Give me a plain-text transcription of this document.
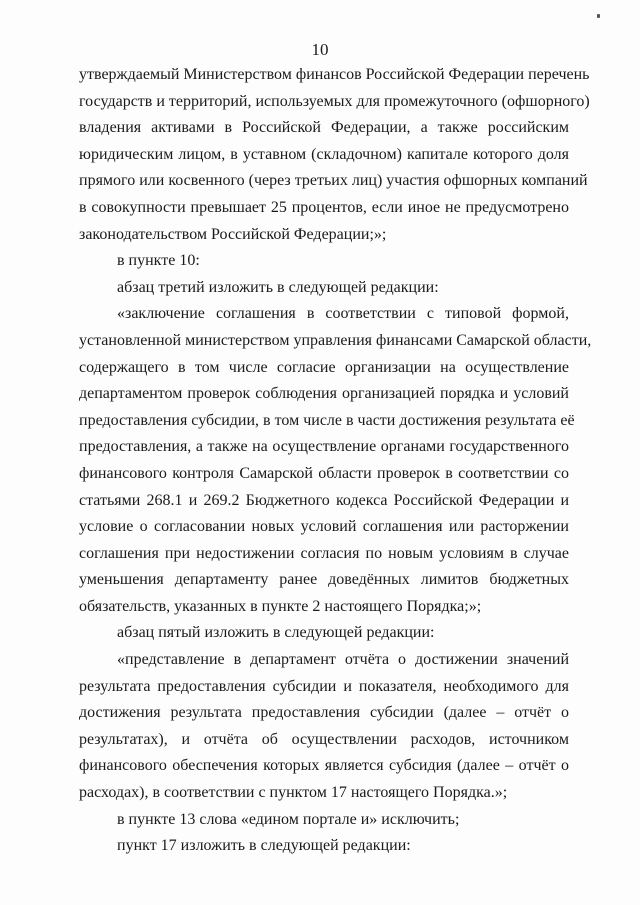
10
утверждаемый Министерством финансов Российской Федерации перечень
государств и территорий, используемых для промежуточного (офшорного)
владения активами в Российской Федерации, а также российским
юридическим лицом, в уставном (складочном) капитале которого доля
прямого или косвенного (через третьих лиц) участия офшорных компаний
в совокупности превышает 25 процентов, если иное не предусмотрено
законодательством Российской Федерации;»;
в пункте 10:
абзац третий изложить в следующей редакции:
«заключение соглашения в соответствии с типовой формой,
установленной министерством управления финансами Самарской области,
содержащего в том числе согласие организации на осуществление
департаментом проверок соблюдения организацией порядка и условий
предоставления субсидии, в том числе в части достижения результата её
предоставления, а также на осуществление органами государственного
финансового контроля Самарской области проверок в соответствии со
статьями 268.1 и 269.2 Бюджетного кодекса Российской Федерации и
условие о согласовании новых условий соглашения или расторжении
соглашения при недостижении согласия по новым условиям в случае
уменьшения департаменту ранее доведённых лимитов бюджетных
обязательств, указанных в пункте 2 настоящего Порядка;»;
абзац пятый изложить в следующей редакции:
«представление в департамент отчёта о достижении значений
результата предоставления субсидии и показателя, необходимого для
достижения результата предоставления субсидии (далее – отчёт о
результатах), и отчёта об осуществлении расходов, источником
финансового обеспечения которых является субсидия (далее – отчёт о
расходах), в соответствии с пунктом 17 настоящего Порядка.»;
в пункте 13 слова «едином портале и» исключить;
пункт 17 изложить в следующей редакции:
